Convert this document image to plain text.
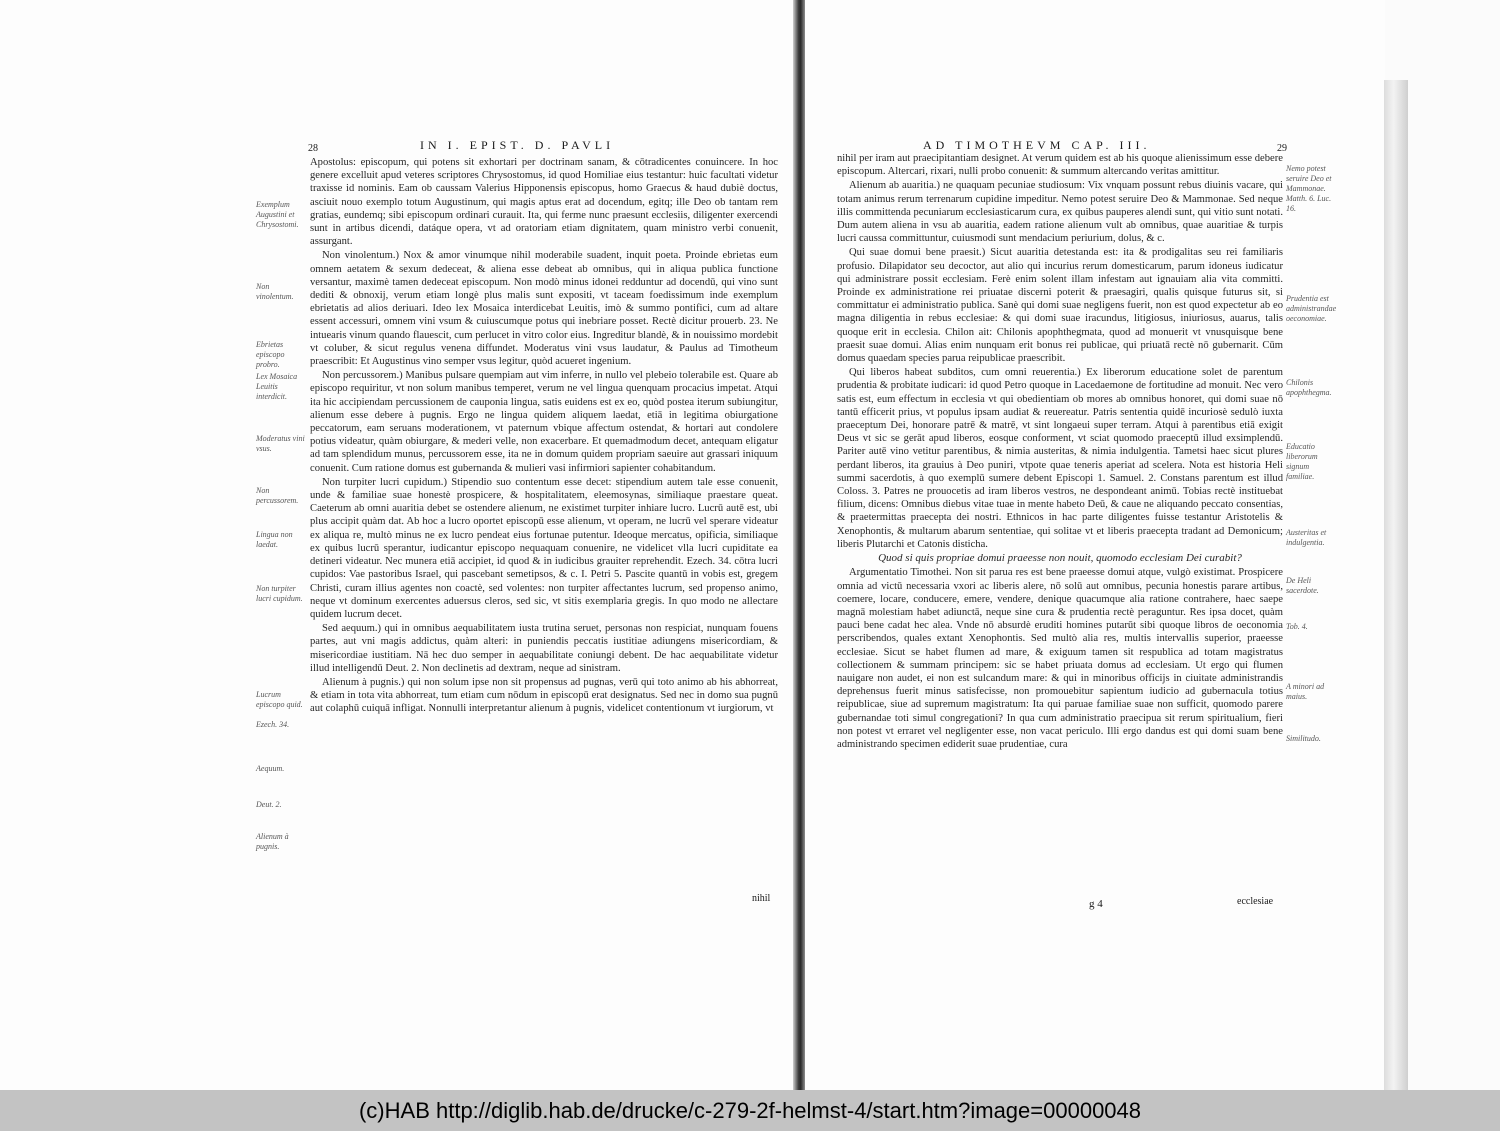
28	IN I. EPIST. D. PAVLI
Exemplum Augustini et Chrysostomi.
Non vinolentum.
Ebrietas episcopo probro.
Lex Mosaica Leuitis interdicit.
Moderatus vini vsus.
Non percussorem.
Lingua non laedat.
Non turpiter lucri cupidum.
Lucrum episcopo quid.
Ezech. 34.
Aequum.
Deut. 2.
Alienum à pugnis.

Apostolus: episcopum, qui potens sit exhortari per doctrinam sanam, & cōtradicentes conuincere. In hoc genere excelluit apud veteres scriptores Chrysostomus, id quod Homiliae eius testantur: huic facultati videtur traxisse id nominis. Eam ob caussam Valerius Hipponensis episcopus, homo Graecus & haud dubiè doctus, asciuit nouo exemplo totum Augustinum, qui magis aptus erat ad docendum, egitq; ille Deo ob tantam rem gratias, eundemq; sibi episcopum ordinari curauit. Ita, qui ferme nunc praesunt ecclesiis, diligenter exercendi sunt in artibus dicendi, datáque opera, vt ad oratoriam etiam dignitatem, quam ministro verbi conuenit, assurgant.

Non vinolentum.) Nox & amor vinumque nihil moderabile suadent, inquit poeta. Proinde ebrietas eum omnem aetatem & sexum dedeceat, & aliena esse debeat ab omnibus, qui in aliqua publica functione versantur, maximè tamen dedeceat episcopum. Non modò minus idonei redduntur ad docendū, qui vino sunt dediti & obnoxij, verum etiam longè plus malis sunt expositi, vt taceam foedissimum inde exemplum ebrietatis ad alios deriuari. Ideo lex Mosaica interdicebat Leuitis, imò & summo pontifici, cum ad altare essent accessuri, omnem vini vsum & cuiuscumque potus qui inebriare posset. Rectè dicitur prouerb. 23. Ne intuearis vinum quando flauescit, cum perlucet in vitro color eius. Ingreditur blandè, & in nouissimo mordebit vt coluber, & sicut regulus venena diffundet. Moderatus vini vsus laudatur, & Paulus ad Timotheum praescribit: Et Augustinus vino semper vsus legitur, quòd acueret ingenium.

Non percussorem.) Manibus pulsare quempiam aut vim inferre, in nullo vel plebeio tolerabile est. Quare ab episcopo requiritur, vt non solum manibus temperet, verum ne vel lingua quenquam procacius impetat. Atqui ita hic accipiendam percussionem de cauponia lingua, satis euidens est ex eo, quòd postea iterum subiungitur, alienum esse debere à pugnis. Ergo ne lingua quidem aliquem laedat, etiā in legitima obiurgatione peccatorum, eam seruans moderationem, vt paternum vbique affectum ostendat, & hortari aut condolere potius videatur, quàm obiurgare, & mederi velle, non exacerbare. Et quemadmodum decet, antequam eligatur ad tam splendidum munus, percussorem esse, ita ne in domum quidem propriam saeuire aut grassari iniquum conuenit. Cum ratione domus est gubernanda & mulieri vasi infirmiori sapienter cohabitandum.

Non turpiter lucri cupidum.) Stipendio suo contentum esse decet: stipendium autem tale esse conuenit, unde & familiae suae honestè prospicere, & hospitalitatem, eleemosynas, similiaque praestare queat. Caeterum ab omni auaritia debet se ostendere alienum, ne existimet turpiter inhiare lucro. Lucrū autē est, ubi plus accipit quàm dat. Ab hoc a lucro oportet episcopū esse alienum, vt operam, ne lucrū vel sperare videatur ex aliqua re, multò minus ne ex lucro pendeat eius fortunae putentur. Ideoque mercatus, opificia, similiaque ex quibus lucrū sperantur, iudicantur episcopo nequaquam conuenire, ne videlicet vlla lucri cupiditate ea detineri videatur. Nec munera etiā accipiet, id quod & in iudicibus grauiter reprehendit. Ezech. 34. cōtra lucri cupidos: Vae pastoribus Israel, qui pascebant semetipsos, & c. I. Petri 5. Pascite quantū in vobis est, gregem Christi, curam illius agentes non coactè, sed volentes: non turpiter affectantes lucrum, sed propenso animo, neque vt dominum exercentes aduersus cleros, sed sic, vt sitis exemplaria gregis. In quo modo ne allectare quidem lucrum decet.

Sed aequum.) qui in omnibus aequabilitatem iusta trutina seruet, personas non respiciat, nunquam fouens partes, aut vni magis addictus, quàm alteri: in puniendis peccatis iustitiae adiungens misericordiam, & misericordiae iustitiam. Nā hec duo semper in aequabilitate coniungi debent. De hac aequabilitate videtur illud intelligendū Deut. 2. Non declinetis ad dextram, neque ad sinistram.

Alienum à pugnis.) qui non solum ipse non sit propensus ad pugnas, verū qui toto animo ab his abhorreat, & etiam in tota vita abhorreat, tum etiam cum nōdum in episcopū erat designatus. Sed nec in domo sua pugnū aut colaphū cuiquā infligat. Nonnulli interpretantur alienum à pugnis, videlicet contentionum vt iurgiorum, vt

nihil
AD TIMOTHEVM CAP. III.	29

nihil per iram aut praecipitantiam designet. At verum quidem est ab his quoque alienissimum esse debere episcopum. Altercari, rixari, nulli probo conuenit: & summum altercando veritas amittitur.

Alienum ab auaritia.) ne quaquam pecuniae studiosum: Vix vnquam possunt rebus diuinis vacare, qui totam animus rerum terrenarum cupidine impeditur. Nemo potest seruire Deo & Mammonae. Sed neque illis committenda pecuniarum ecclesiasticarum cura, ex quibus pauperes alendi sunt, qui vitio sunt notati. Dum autem aliena in vsu ab auaritia, eadem ratione alienum vult ab omnibus, quae auaritiae & turpis lucri caussa committuntur, cuiusmodi sunt mendacium periurium, dolus, & c.

Qui suae domui bene praesit.) Sicut auaritia detestanda est: ita & prodigalitas seu rei familiaris profusio. Dilapidator seu decoctor, aut alio qui incurius rerum domesticarum, parum idoneus iudicatur qui administrare possit ecclesiam. Ferè enim solent illam infestam aut ignauiam alia vita committi. Proinde ex administratione rei priuatae discerni poterit & praesagiri, qualis quisque futurus sit, si committatur ei administratio publica. Sanè qui domi suae negligens fuerit, non est quod expectetur ab eo magna diligentia in rebus ecclesiae: & qui domi suae iracundus, litigiosus, iniuriosus, auarus, talis quoque erit in ecclesia. Chilon ait: Chilonis apophthegmata, quod ad monuerit vt vnusquisque bene praesit suae domui. Alias enim nunquam erit bonus rei publicae, qui priuatā rectè nō gubernarit. Cūm domus quaedam species parua reipublicae praescribit.

Qui liberos habeat subditos, cum omni reuerentia.) Ex liberorum educatione solet de parentum prudentia & probitate iudicari: id quod Petro quoque in Lacedaemone de fortitudine ad monuit. Nec vero satis est, eum effectum in ecclesia vt qui obedientiam ob mores ab omnibus honoret, qui domi suae nō tantū efficerit prius, vt populus ipsam audiat & reuereatur. Patris sententia quidē incuriosè sedulò iuxta praeceptum Dei, honorare patrē & matrē, vt sint longaeui super terram. Atqui à parentibus etiā exigit Deus vt sic se gerāt apud liberos, eosque conforment, vt sciat quomodo praeceptū illud exsimplendū. Pariter autē vino vetitur parentibus, & nimia austeritas, & nimia indulgentia. Tametsi haec sicut plures perdant liberos, ita grauius à Deo puniri, vtpote quae teneris aperiat ad scelera. Nota est historia Heli summi sacerdotis, à quo exemplū sumere debent Episcopi 1. Samuel. 2. Constans parentum est illud Coloss. 3. Patres ne prouocetis ad iram liberos vestros, ne despondeant animū. Tobias rectè instituebat filium, dicens: Omnibus diebus vitae tuae in mente habeto Deū, & caue ne aliquando peccato consentias, & praetermittas praecepta dei nostri. Ethnicos in hac parte diligentes fuisse testantur Aristotelis & Xenophontis, & multarum abarum sententiae, qui solitae vt et liberis praecepta tradant ad Demonicum; liberis Plutarchi et Catonis disticha.

Quod si quis propriae domui praeesse non nouit, quomodo ecclesiam Dei curabit?

Argumentatio Timothei. Non sit parua res est bene praeesse domui atque, vulgò existimat. Prospicere omnia ad victū necessaria vxori ac liberis alere, nō solū aut omnibus, pecunia honestis parare artibus, coemere, locare, conducere, emere, vendere, denique quacumque alia ratione contrahere, haec saepe magnā molestiam habet adiunctā, neque sine cura & prudentia rectè peraguntur. Res ipsa docet, quàm pauci bene cadat hec alea. Vnde nō absurdè eruditi homines putarūt sibi quoque libros de oeconomia perscribendos, quales extant Xenophontis. Sed multò alia res, multis intervallis superior, praeesse ecclesiae. Sicut se habet flumen ad mare, & exiguum tamen sit respublica ad totam magistratus collectionem & summam principem: sic se habet priuata domus ad ecclesiam. Ut ergo qui flumen nauigare non audet, ei non est sulcandum mare: & qui in minoribus officijs in ciuitate administrandis deprehensus fuerit minus satisfecisse, non promouebitur sapientum iudicio ad gubernacula totius reipublicae, siue ad supremum magistratum: Ita qui paruae familiae suae non sufficit, quomodo parere gubernandae toti simul congregationi? In qua cum administratio praecipua sit rerum spiritualium, fieri non potest vt erraret vel negligenter esse, non vacat periculo. Illi ergo dandus est qui domi suam bene administrando specimen ediderit suae prudentiae, cura

Nemo potest seruire Deo et Mammonae. Matth. 6. Luc. 16.
Prudentia est administrandae oeconomiae.
Chilonis apophthegma.
Educatio liberorum signum familiae.
Austeritas et indulgentia.
De Heli sacerdote.
Tob. 4.
A minori ad maius.
Similitudo.
g 4	ecclesiae
(c)HAB http://diglib.hab.de/drucke/c-279-2f-helmst-4/start.htm?image=00000048
